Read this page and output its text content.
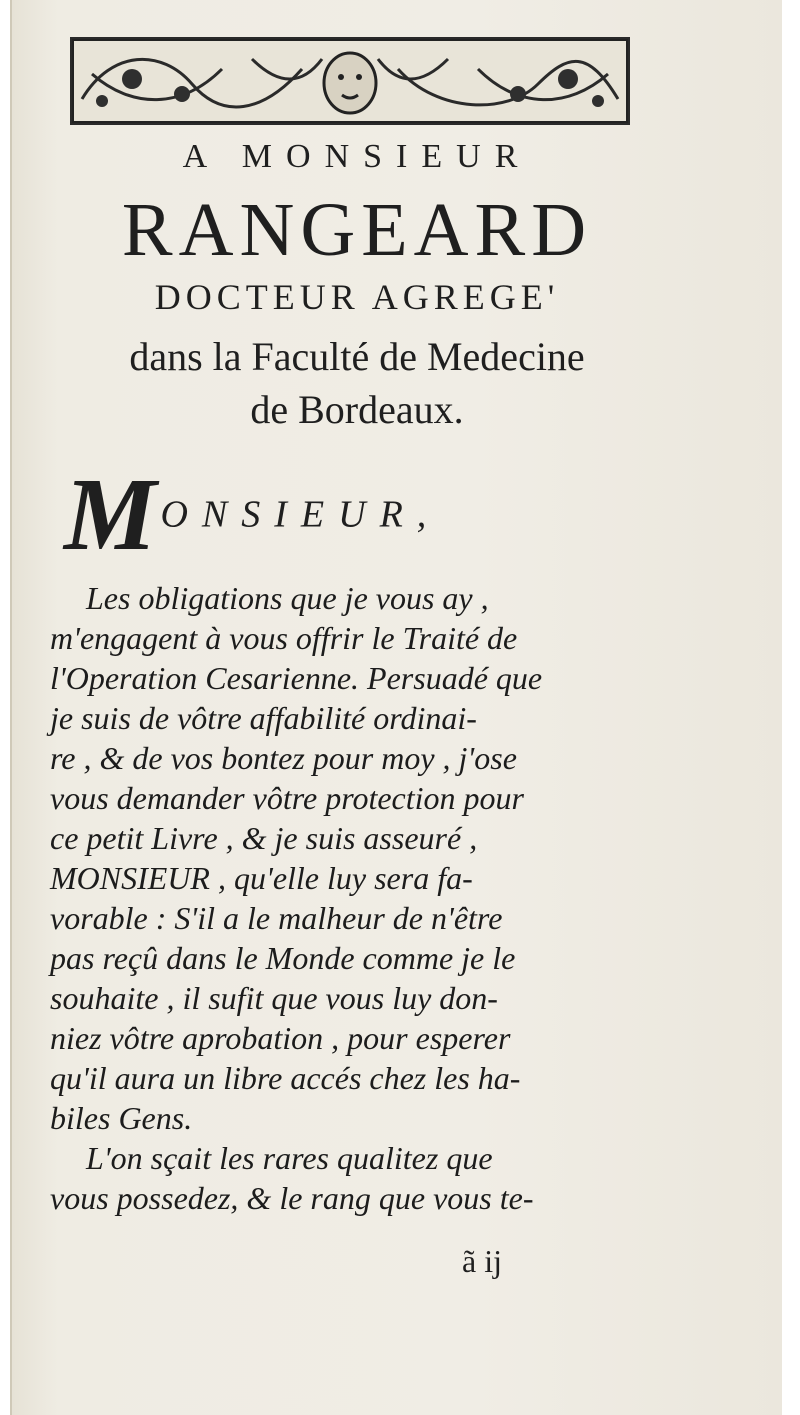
A MONSIEUR
RANGEARD
DOCTEUR AGREGE'
dans la Faculté de Medecine
de Bordeaux.
M ONSIEUR,

Les obligations que je vous ay ,
m'engagent à vous offrir le Traité de
l'Operation Cesarienne. Persuadé que
je suis de vôtre affabilité ordinai-
re , & de vos bontez pour moy , j'ose
vous demander vôtre protection pour
ce petit Livre , & je suis asseuré ,
MONSIEUR , qu'elle luy sera fa-
vorable : S'il a le malheur de n'être
pas reçû dans le Monde comme je le
souhaite , il sufit que vous luy don-
niez vôtre aprobation , pour esperer
qu'il aura un libre accés chez les ha-
biles Gens.

L'on sçait les rares qualitez que
vous possedez, & le rang que vous te-

ã ij
